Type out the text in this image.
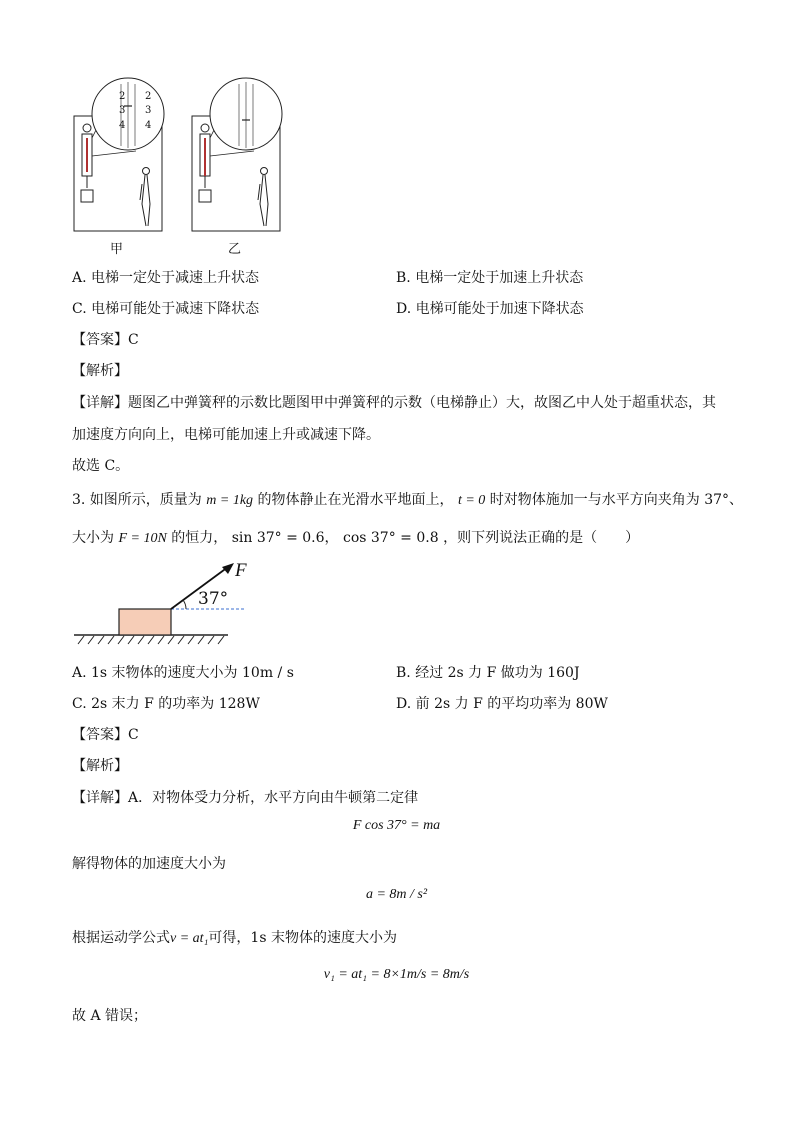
2
3
4
2
3
4
甲	乙
A. 电梯一定处于减速上升状态	B. 电梯一定处于加速上升状态
C. 电梯可能处于减速下降状态	D. 电梯可能处于加速下降状态
【答案】C
【解析】
【详解】题图乙中弹簧秤的示数比题图甲中弹簧秤的示数（电梯静止）大，故图乙中人处于超重状态，其
加速度方向向上，电梯可能加速上升或减速下降。
故选 C。
3. 如图所示，质量为 m = 1kg 的物体静止在光滑水平地面上， t = 0 时对物体施加一与水平方向夹角为 37°、
大小为 F = 10N 的恒力， sin 37° = 0.6， cos 37° = 0.8 ，则下列说法正确的是（　　）
F
37°
A. 1s 末物体的速度大小为 10m / s	B. 经过 2s 力 F 做功为 160J
C. 2s 末力 F 的功率为 128W	D. 前 2s 力 F 的平均功率为 80W
【答案】C
【解析】
【详解】A．对物体受力分析，水平方向由牛顿第二定律
F cos 37° = ma
解得物体的加速度大小为
a = 8m / s²
根据运动学公式v = at₁可得，1s 末物体的速度大小为
v₁ = at₁ = 8×1m/s = 8m/s
故 A 错误；
